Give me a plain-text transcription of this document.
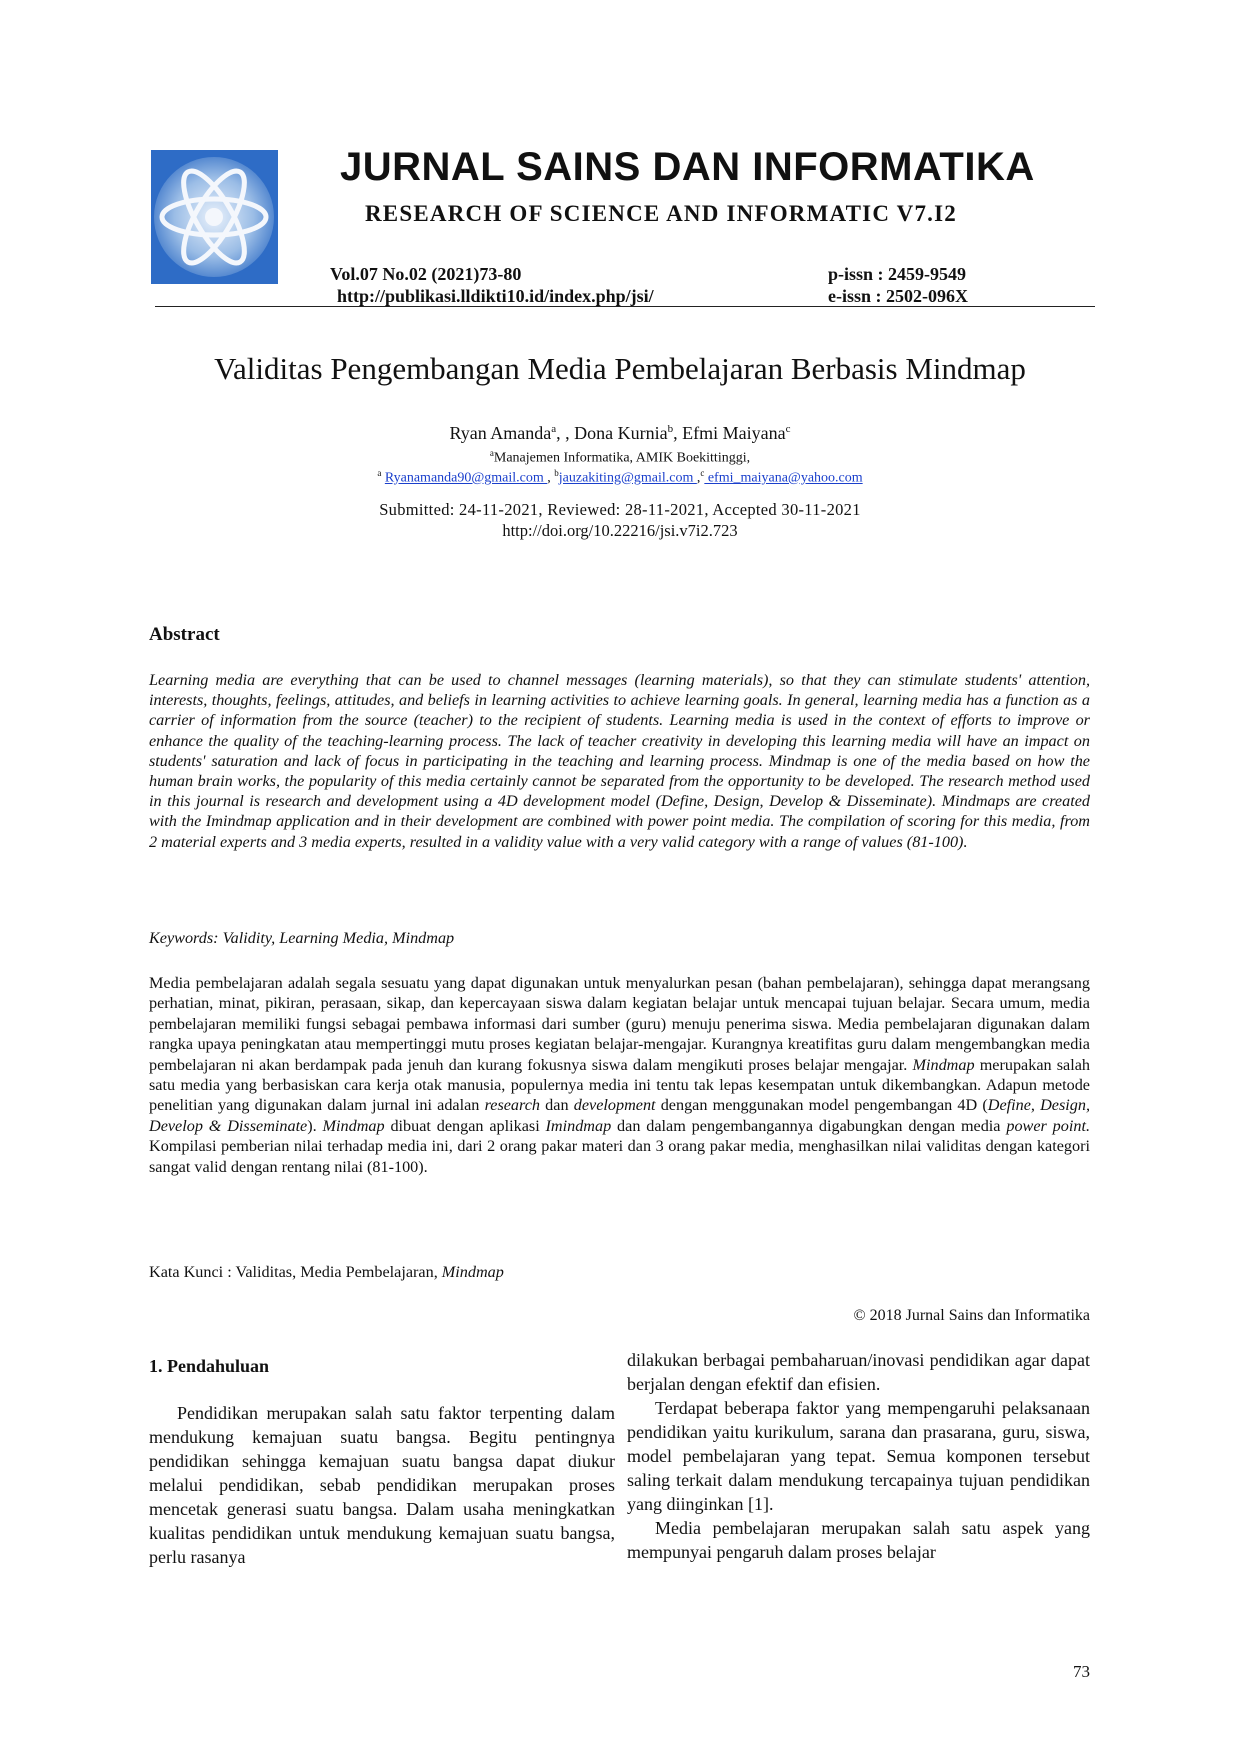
JURNAL SAINS DAN INFORMATIKA
RESEARCH OF SCIENCE AND INFORMATIC V7.I2
Vol.07 No.02 (2021)73-80	p-issn : 2459-9549
http://publikasi.lldikti10.id/index.php/jsi/	e-issn : 2502-096X
Validitas Pengembangan Media Pembelajaran Berbasis Mindmap
Ryan Amanda$^a$, , Dona Kurnia$^b$, Efmi Maiyana$^c$
$^a$Manajemen Informatika, AMIK Boekittinggi,
$^a$ Ryanamanda90@gmail.com , $^b$jauzakiting@gmail.com ,$^c$ efmi_maiyana@yahoo.com
Submitted: 24-11-2021, Reviewed: 28-11-2021, Accepted 30-11-2021
http://doi.org/10.22216/jsi.v7i2.723
Abstract
Learning media are everything that can be used to channel messages (learning materials), so that they can stimulate students' attention, interests, thoughts, feelings, attitudes, and beliefs in learning activities to achieve learning goals. In general, learning media has a function as a carrier of information from the source (teacher) to the recipient of students. Learning media is used in the context of efforts to improve or enhance the quality of the teaching-learning process. The lack of teacher creativity in developing this learning media will have an impact on students' saturation and lack of focus in participating in the teaching and learning process. Mindmap is one of the media based on how the human brain works, the popularity of this media certainly cannot be separated from the opportunity to be developed. The research method used in this journal is research and development using a 4D development model (Define, Design, Develop & Disseminate). Mindmaps are created with the Imindmap application and in their development are combined with power point media. The compilation of scoring for this media, from 2 material experts and 3 media experts, resulted in a validity value with a very valid category with a range of values (81-100).
Keywords: Validity, Learning Media, Mindmap
Media pembelajaran adalah segala sesuatu yang dapat digunakan untuk menyalurkan pesan (bahan pembelajaran), sehingga dapat merangsang perhatian, minat, pikiran, perasaan, sikap, dan kepercayaan siswa dalam kegiatan belajar untuk mencapai tujuan belajar. Secara umum, media pembelajaran memiliki fungsi sebagai pembawa informasi dari sumber (guru) menuju penerima siswa. Media pembelajaran digunakan dalam rangka upaya peningkatan atau mempertinggi mutu proses kegiatan belajar-mengajar. Kurangnya kreatifitas guru dalam mengembangkan media pembelajaran ni akan berdampak pada jenuh dan kurang fokusnya siswa dalam mengikuti proses belajar mengajar. Mindmap merupakan salah satu media yang berbasiskan cara kerja otak manusia, populernya media ini tentu tak lepas kesempatan untuk dikembangkan. Adapun metode penelitian yang digunakan dalam jurnal ini adalan research dan development dengan menggunakan model pengembangan 4D (Define, Design, Develop & Disseminate). Mindmap dibuat dengan aplikasi Imindmap dan dalam pengembangannya digabungkan dengan media power point. Kompilasi pemberian nilai terhadap media ini, dari 2 orang pakar materi dan 3 orang pakar media, menghasilkan nilai validitas dengan kategori sangat valid dengan rentang nilai (81-100).
Kata Kunci : Validitas, Media Pembelajaran, Mindmap
© 2018 Jurnal Sains dan Informatika
1. Pendahuluan

Pendidikan merupakan salah satu faktor terpenting dalam mendukung kemajuan suatu bangsa. Begitu pentingnya pendidikan sehingga kemajuan suatu bangsa dapat diukur melalui pendidikan, sebab pendidikan merupakan proses mencetak generasi suatu bangsa. Dalam usaha meningkatkan kualitas pendidikan untuk mendukung kemajuan suatu bangsa, perlu rasanya

dilakukan berbagai pembaharuan/inovasi pendidikan agar dapat berjalan dengan efektif dan efisien.

Terdapat beberapa faktor yang mempengaruhi pelaksanaan pendidikan yaitu kurikulum, sarana dan prasarana, guru, siswa, model pembelajaran yang tepat. Semua komponen tersebut saling terkait dalam mendukung tercapainya tujuan pendidikan yang diinginkan [1].

Media pembelajaran merupakan salah satu aspek yang mempunyai pengaruh dalam proses belajar

73
